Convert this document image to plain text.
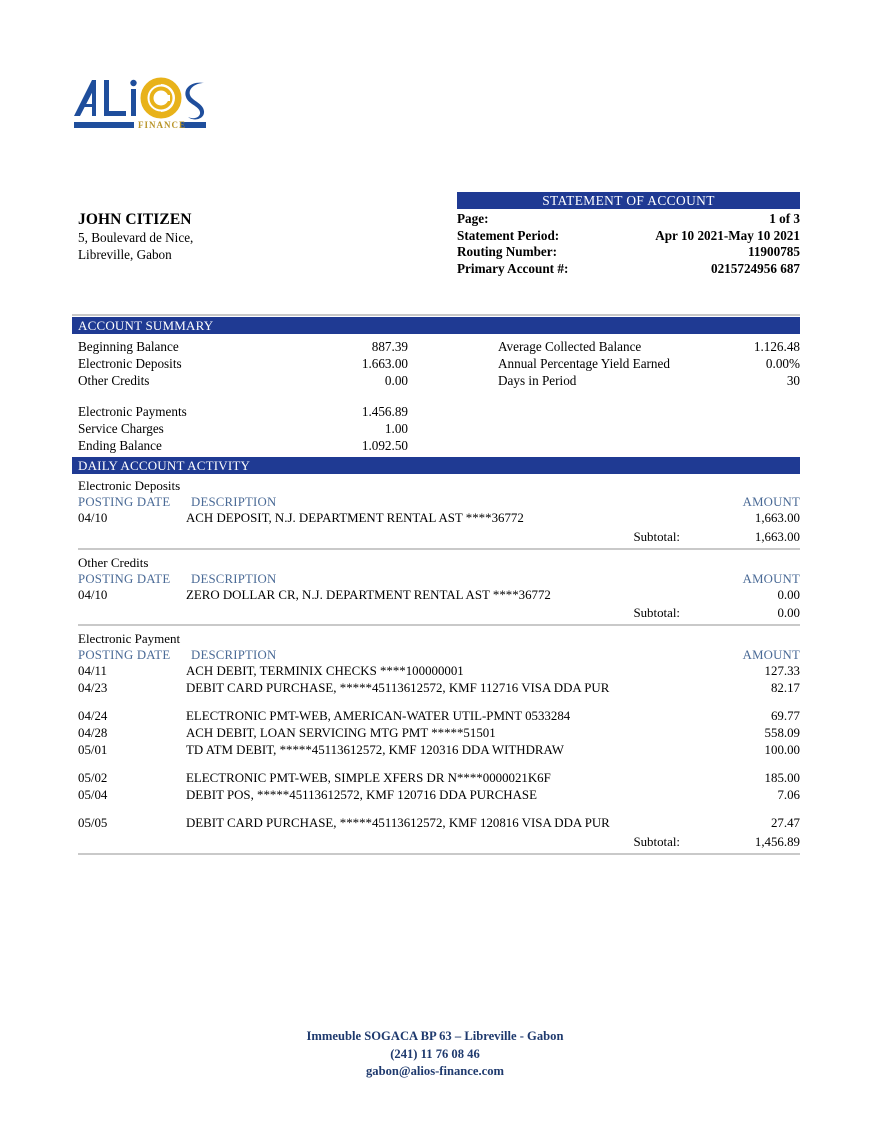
FINANCE
JOHN CITIZEN
5, Boulevard de Nice,
Libreville, Gabon
STATEMENT OF ACCOUNT
Page:	1 of 3
Statement Period:	Apr 10 2021-May 10 2021
Routing Number:	11900785
Primary Account #:	0215724956 687
ACCOUNT SUMMARY
Beginning Balance	887.39	Average Collected Balance	1.126.48
Electronic Deposits	1.663.00	Annual Percentage Yield Earned	0.00%
Other Credits	0.00	Days in Period	30
Electronic Payments	1.456.89
Service Charges	1.00
Ending Balance	1.092.50
DAILY ACCOUNT ACTIVITY
Electronic Deposits
POSTING DATE DESCRIPTION	AMOUNT
04/10	ACH DEPOSIT, N.J. DEPARTMENT RENTAL AST ****36772	1,663.00
Subtotal:	1,663.00
Other Credits
POSTING DATE DESCRIPTION	AMOUNT
04/10	ZERO DOLLAR CR, N.J. DEPARTMENT RENTAL AST ****36772	0.00
Subtotal:	0.00
Electronic Payment
POSTING DATE DESCRIPTION	AMOUNT
04/11	ACH DEBIT, TERMINIX CHECKS ****100000001	127.33
04/23	DEBIT CARD PURCHASE, *****45113612572, KMF 112716 VISA DDA PUR	82.17
04/24	ELECTRONIC PMT-WEB, AMERICAN-WATER UTIL-PMNT 0533284	69.77
04/28	ACH DEBIT, LOAN SERVICING MTG PMT *****51501	558.09
05/01	TD ATM DEBIT, *****45113612572, KMF 120316 DDA WITHDRAW	100.00
05/02	ELECTRONIC PMT-WEB, SIMPLE XFERS DR N****0000021K6F	185.00
05/04	DEBIT POS, *****45113612572, KMF 120716 DDA PURCHASE	7.06
05/05	DEBIT CARD PURCHASE, *****45113612572, KMF 120816 VISA DDA PUR	27.47
Subtotal:	1,456.89
Immeuble SOGACA BP 63 – Libreville - Gabon
(241) 11 76 08 46
gabon@alios-finance.com
